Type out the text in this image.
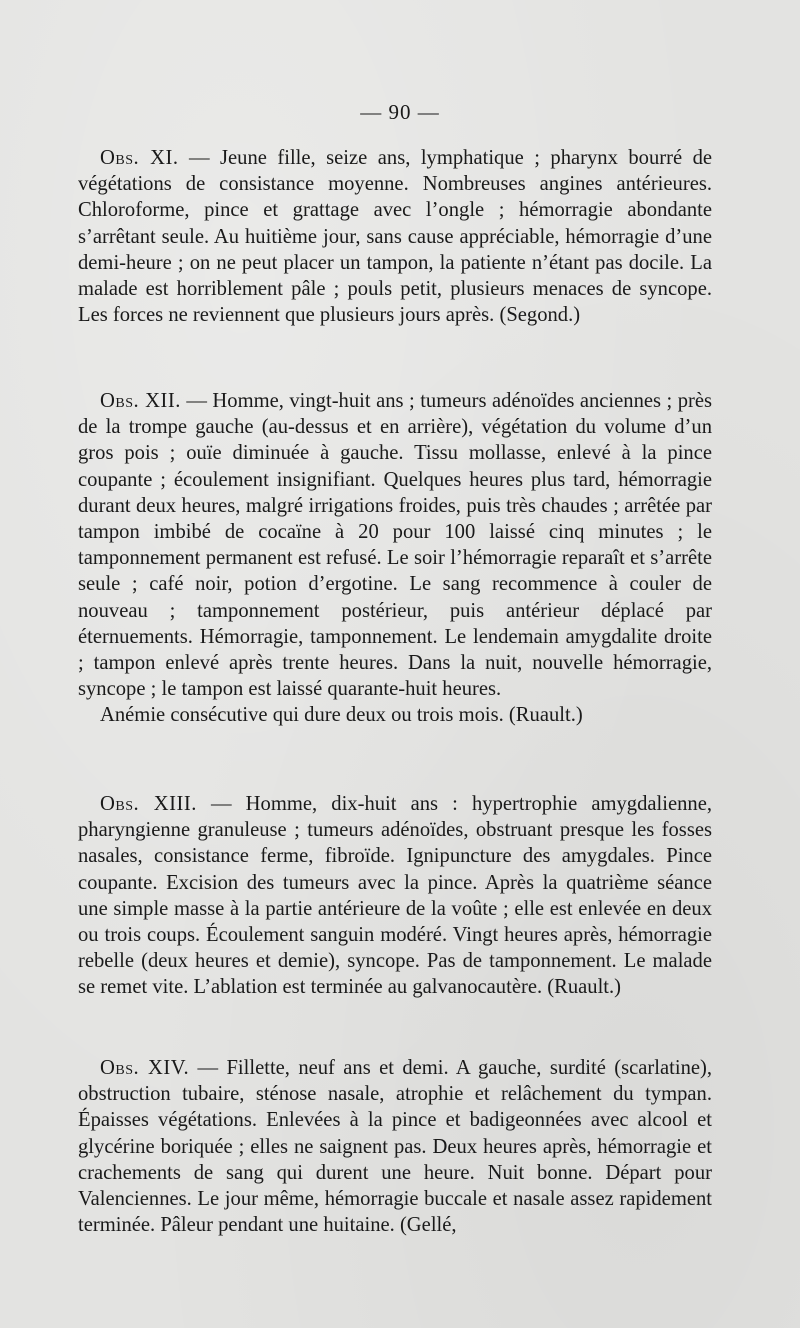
— 90 —

Obs. XI. — Jeune fille, seize ans, lymphatique ; pharynx bourré de végétations de consistance moyenne. Nombreuses angines antérieures. Chloroforme, pince et grattage avec l’ongle ; hémorragie abondante s’arrêtant seule. Au huitième jour, sans cause appréciable, hémorragie d’une demi-heure ; on ne peut placer un tampon, la patiente n’étant pas docile. La malade est horriblement pâle ; pouls petit, plusieurs menaces de syncope. Les forces ne reviennent que plusieurs jours après. (Segond.)

Obs. XII. — Homme, vingt-huit ans ; tumeurs adénoïdes anciennes ; près de la trompe gauche (au-dessus et en arrière), végétation du volume d’un gros pois ; ouïe diminuée à gauche. Tissu mollasse, enlevé à la pince coupante ; écoulement insignifiant. Quelques heures plus tard, hémorragie durant deux heures, malgré irrigations froides, puis très chaudes ; arrêtée par tampon imbibé de cocaïne à 20 pour 100 laissé cinq minutes ; le tamponnement permanent est refusé. Le soir l’hémorragie reparaît et s’arrête seule ; café noir, potion d’ergotine. Le sang recommence à couler de nouveau ; tamponnement postérieur, puis antérieur déplacé par éternuements. Hémorragie, tamponnement. Le lendemain amygdalite droite ; tampon enlevé après trente heures. Dans la nuit, nouvelle hémorragie, syncope ; le tampon est laissé quarante-huit heures.

Anémie consécutive qui dure deux ou trois mois. (Ruault.)

Obs. XIII. — Homme, dix-huit ans : hypertrophie amygdalienne, pharyngienne granuleuse ; tumeurs adénoïdes, obstruant presque les fosses nasales, consistance ferme, fibroïde. Ignipuncture des amygdales. Pince coupante. Excision des tumeurs avec la pince. Après la quatrième séance une simple masse à la partie antérieure de la voûte ; elle est enlevée en deux ou trois coups. Écoulement sanguin modéré. Vingt heures après, hémorragie rebelle (deux heures et demie), syncope. Pas de tamponnement. Le malade se remet vite. L’ablation est terminée au galvanocautère. (Ruault.)

Obs. XIV. — Fillette, neuf ans et demi. A gauche, surdité (scarlatine), obstruction tubaire, sténose nasale, atrophie et relâchement du tympan. Épaisses végétations. Enlevées à la pince et badigeonnées avec alcool et glycérine boriquée ; elles ne saignent pas. Deux heures après, hémorragie et crachements de sang qui durent une heure. Nuit bonne. Départ pour Valenciennes. Le jour même, hémorragie buccale et nasale assez rapidement terminée. Pâleur pendant une huitaine. (Gellé,
